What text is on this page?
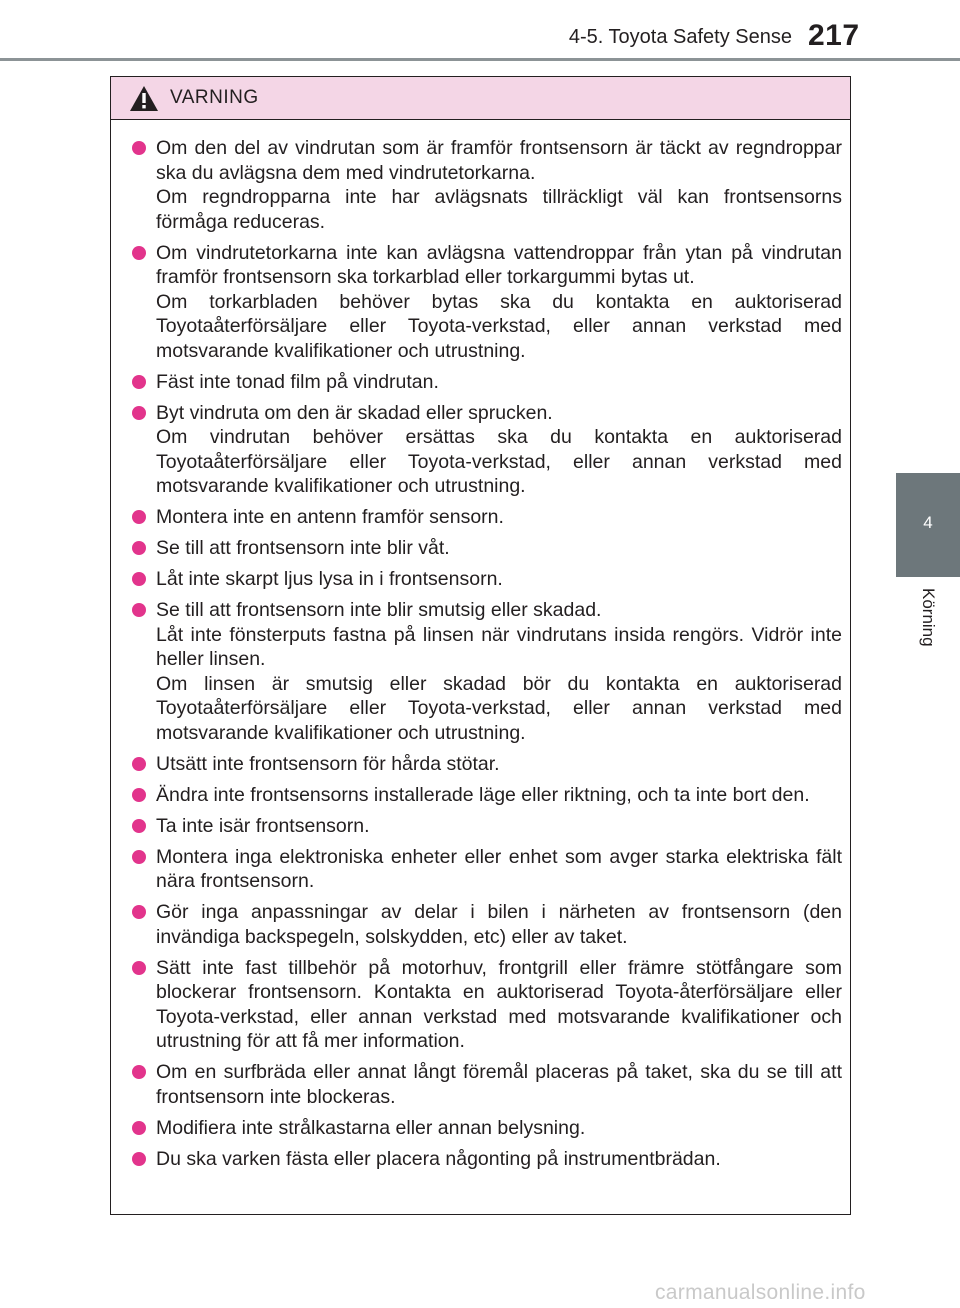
4-5. Toyota Safety Sense 217
4
Körning
VARNING
Om den del av vindrutan som är framför frontsensorn är täckt av regndroppar ska du avlägsna dem med vindrutetorkarna.
Om regndropparna inte har avlägsnats tillräckligt väl kan frontsensorns förmåga reduceras.
Om vindrutetorkarna inte kan avlägsna vattendroppar från ytan på vindrutan framför frontsensorn ska torkarblad eller torkargummi bytas ut.
Om torkarbladen behöver bytas ska du kontakta en auktoriserad Toyotaåterförsäljare eller Toyota-verkstad, eller annan verkstad med motsvarande kvalifikationer och utrustning.
Fäst inte tonad film på vindrutan.
Byt vindruta om den är skadad eller sprucken.
Om vindrutan behöver ersättas ska du kontakta en auktoriserad Toyotaåterförsäljare eller Toyota-verkstad, eller annan verkstad med motsvarande kvalifikationer och utrustning.
Montera inte en antenn framför sensorn.
Se till att frontsensorn inte blir våt.
Låt inte skarpt ljus lysa in i frontsensorn.
Se till att frontsensorn inte blir smutsig eller skadad.
Låt inte fönsterputs fastna på linsen när vindrutans insida rengörs. Vidrör inte heller linsen.
Om linsen är smutsig eller skadad bör du kontakta en auktoriserad Toyotaåterförsäljare eller Toyota-verkstad, eller annan verkstad med motsvarande kvalifikationer och utrustning.
Utsätt inte frontsensorn för hårda stötar.
Ändra inte frontsensorns installerade läge eller riktning, och ta inte bort den.
Ta inte isär frontsensorn.
Montera inga elektroniska enheter eller enhet som avger starka elektriska fält nära frontsensorn.
Gör inga anpassningar av delar i bilen i närheten av frontsensorn (den invändiga backspegeln, solskydden, etc) eller av taket.
Sätt inte fast tillbehör på motorhuv, frontgrill eller främre stötfångare som blockerar frontsensorn. Kontakta en auktoriserad Toyota-återförsäljare eller Toyota-verkstad, eller annan verkstad med motsvarande kvalifikationer och utrustning för att få mer information.
Om en surfbräda eller annat långt föremål placeras på taket, ska du se till att frontsensorn inte blockeras.
Modifiera inte strålkastarna eller annan belysning.
Du ska varken fästa eller placera någonting på instrumentbrädan.
carmanualsonline.info
